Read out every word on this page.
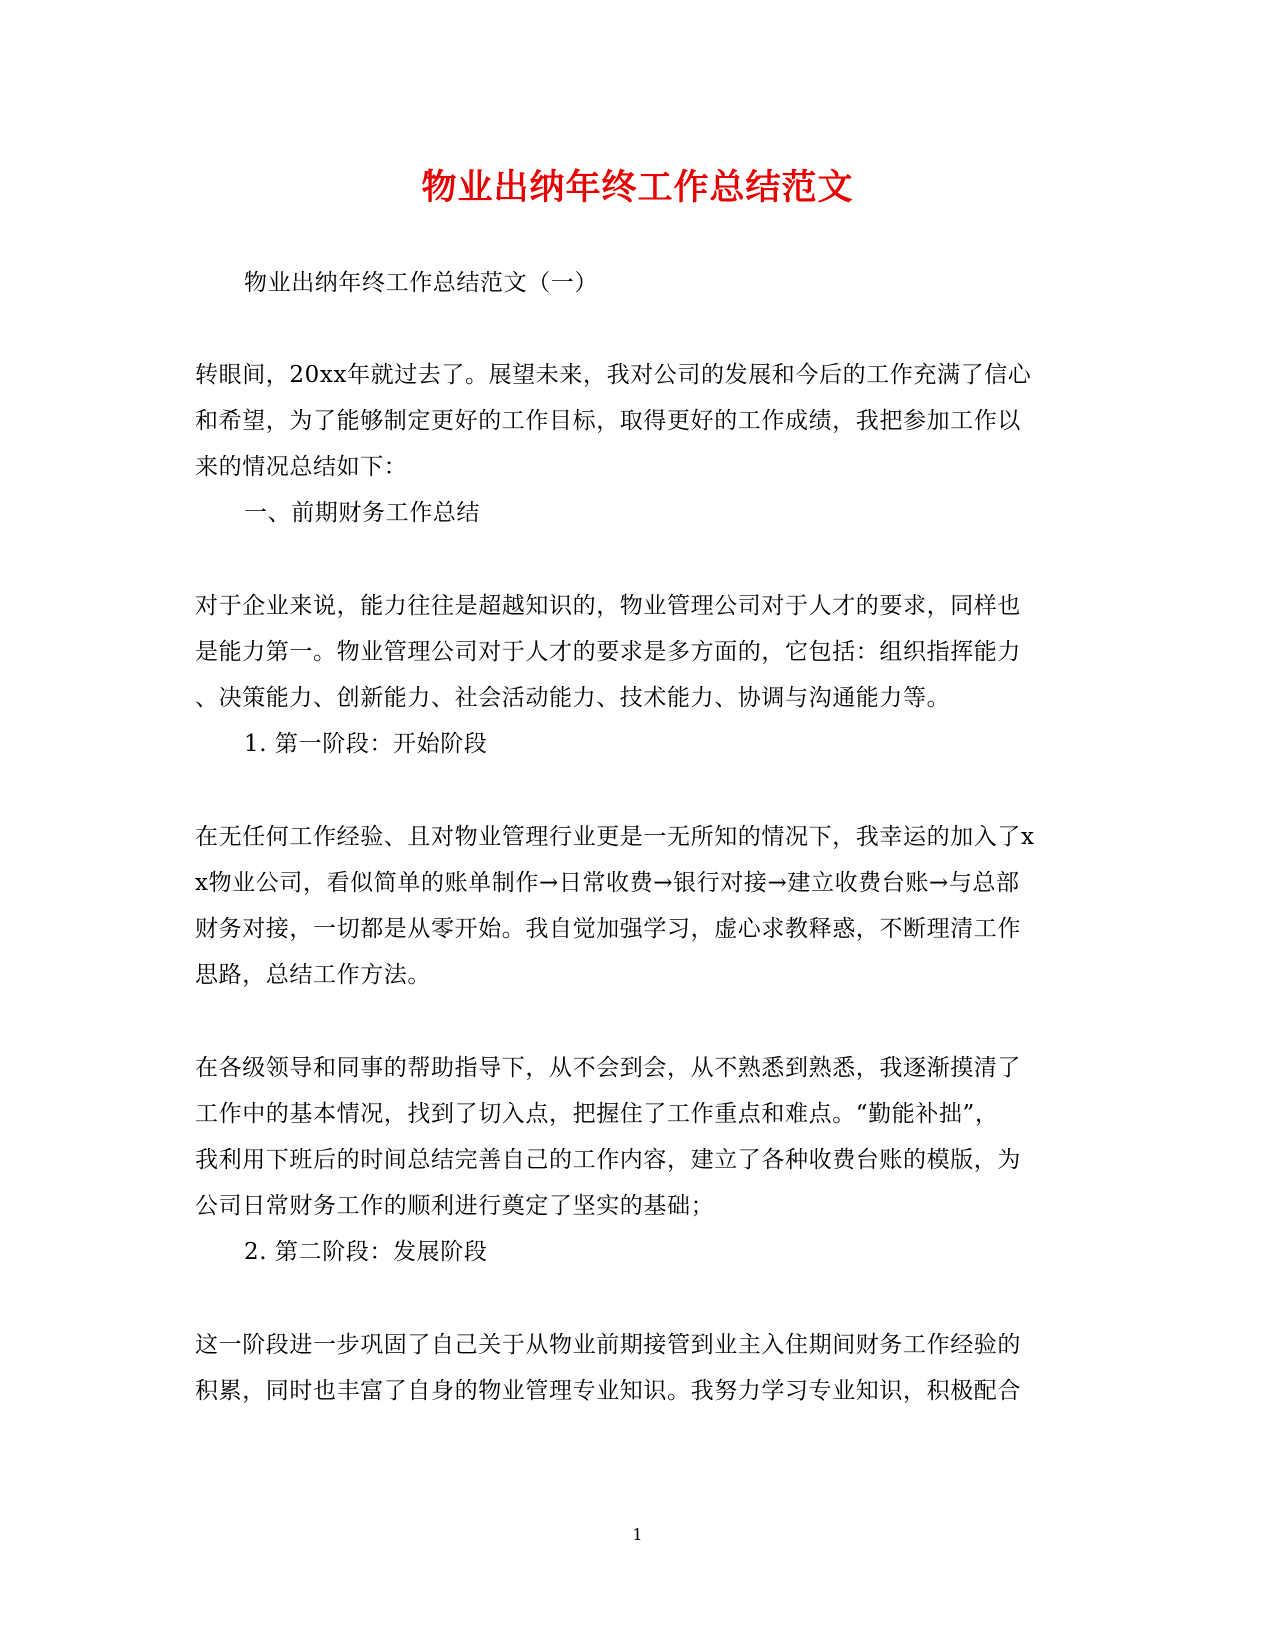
物业出纳年终工作总结范文
物业出纳年终工作总结范文（一）
转眼间，20xx年就过去了。展望未来，我对公司的发展和今后的工作充满了信心
和希望，为了能够制定更好的工作目标，取得更好的工作成绩，我把参加工作以
来的情况总结如下：
一、前期财务工作总结
对于企业来说，能力往往是超越知识的，物业管理公司对于人才的要求，同样也
是能力第一。物业管理公司对于人才的要求是多方面的，它包括：组织指挥能力
、决策能力、创新能力、社会活动能力、技术能力、协调与沟通能力等。
1. 第一阶段：开始阶段
在无任何工作经验、且对物业管理行业更是一无所知的情况下，我幸运的加入了x
x物业公司，看似简单的账单制作→日常收费→银行对接→建立收费台账→与总部
财务对接，一切都是从零开始。我自觉加强学习，虚心求教释惑，不断理清工作
思路，总结工作方法。
在各级领导和同事的帮助指导下，从不会到会，从不熟悉到熟悉，我逐渐摸清了
工作中的基本情况，找到了切入点，把握住了工作重点和难点。“勤能补拙”，
我利用下班后的时间总结完善自己的工作内容，建立了各种收费台账的模版，为
公司日常财务工作的顺利进行奠定了坚实的基础；
2. 第二阶段：发展阶段
这一阶段进一步巩固了自己关于从物业前期接管到业主入住期间财务工作经验的
积累，同时也丰富了自身的物业管理专业知识。我努力学习专业知识，积极配合
1
